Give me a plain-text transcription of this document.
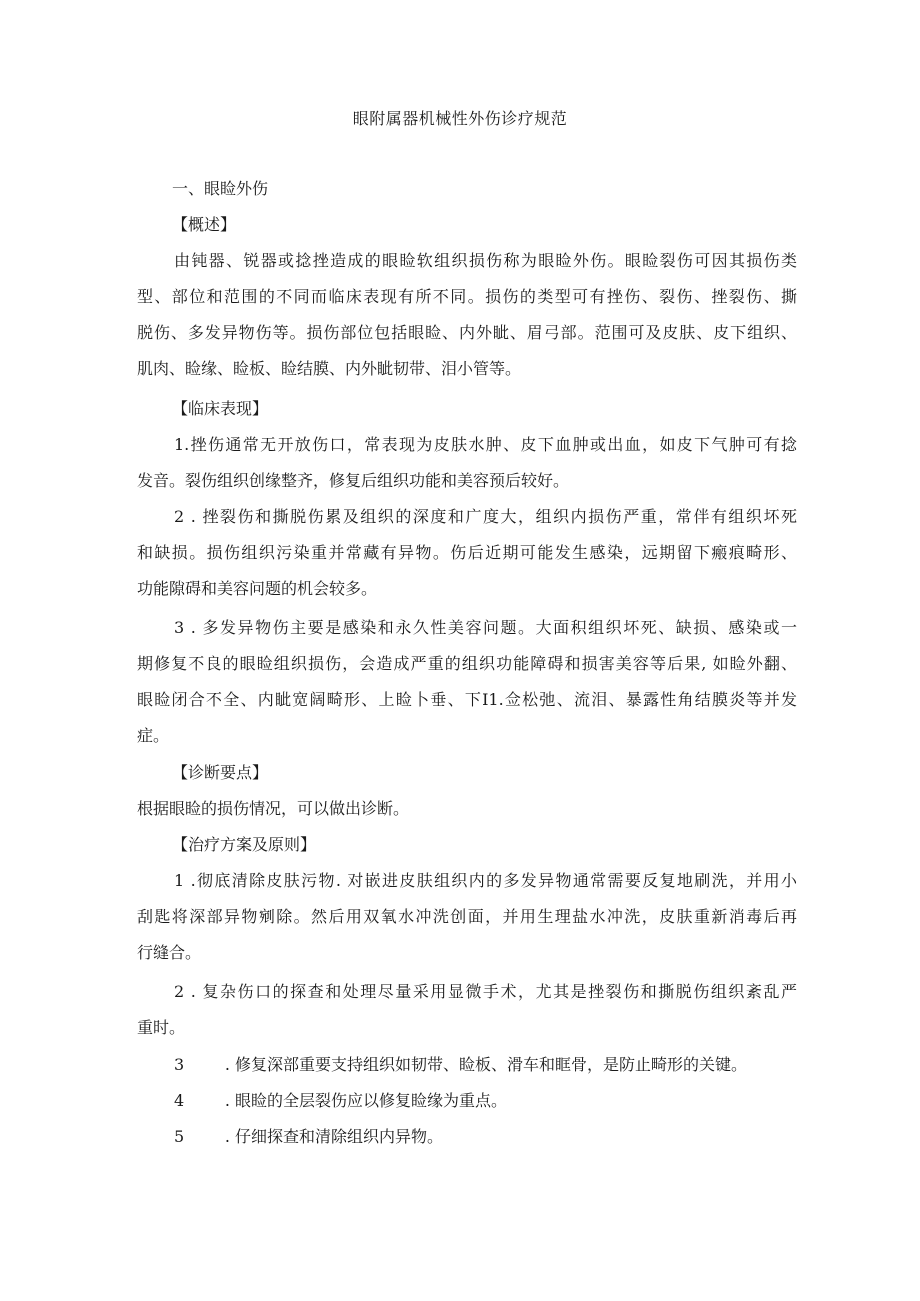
眼附属器机械性外伤诊疗规范
一、眼睑外伤
【概述】
由钝器、锐器或捻挫造成的眼睑软组织损伤称为眼睑外伤。眼睑裂伤可因其损伤类
型、部位和范围的不同而临床表现有所不同。损伤的类型可有挫伤、裂伤、挫裂伤、撕
脱伤、多发异物伤等。损伤部位包括眼睑、内外眦、眉弓部。范围可及皮肤、皮下组织、
肌肉、睑缘、睑板、睑结膜、内外眦韧带、泪小管等。
【临床表现】
1.挫伤通常无开放伤口，常表现为皮肤水肿、皮下血肿或出血，如皮下气肿可有捻
发音。裂伤组织创缘整齐，修复后组织功能和美容预后较好。
2 . 挫裂伤和撕脱伤累及组织的深度和广度大，组织内损伤严重，常伴有组织坏死
和缺损。损伤组织污染重并常藏有异物。伤后近期可能发生感染，远期留下瘢痕畸形、
功能隙碍和美容问题的机会较多。
3 . 多发异物伤主要是感染和永久性美容问题。大面积组织坏死、缺损、感染或一
期修复不良的眼睑组织损伤，会造成严重的组织功能障碍和损害美容等后果, 如睑外翻、
眼睑闭合不全、内眦宽阔畸形、上睑卜垂、下I1.佥松弛、流泪、暴露性角结膜炎等并发
症。
【诊断要点】
根据眼睑的损伤情况，可以做出诊断。
【治疗方案及原则】
1 .彻底清除皮肤污物. 对嵌进皮肤组织内的多发异物通常需要反复地刷洗，并用小
刮匙将深部异物剜除。然后用双氧水冲洗创面，并用生理盐水冲洗，皮肤重新消毒后再
行缝合。
2 . 复杂伤口的探查和处理尽量采用显微手术，尤其是挫裂伤和撕脱伤组织紊乱严
重时。
3        . 修复深部重要支持组织如韧带、睑板、滑车和眶骨，是防止畸形的关键。
4        . 眼睑的全层裂伤应以修复睑缘为重点。
5        . 仔细探查和清除组织内异物。
